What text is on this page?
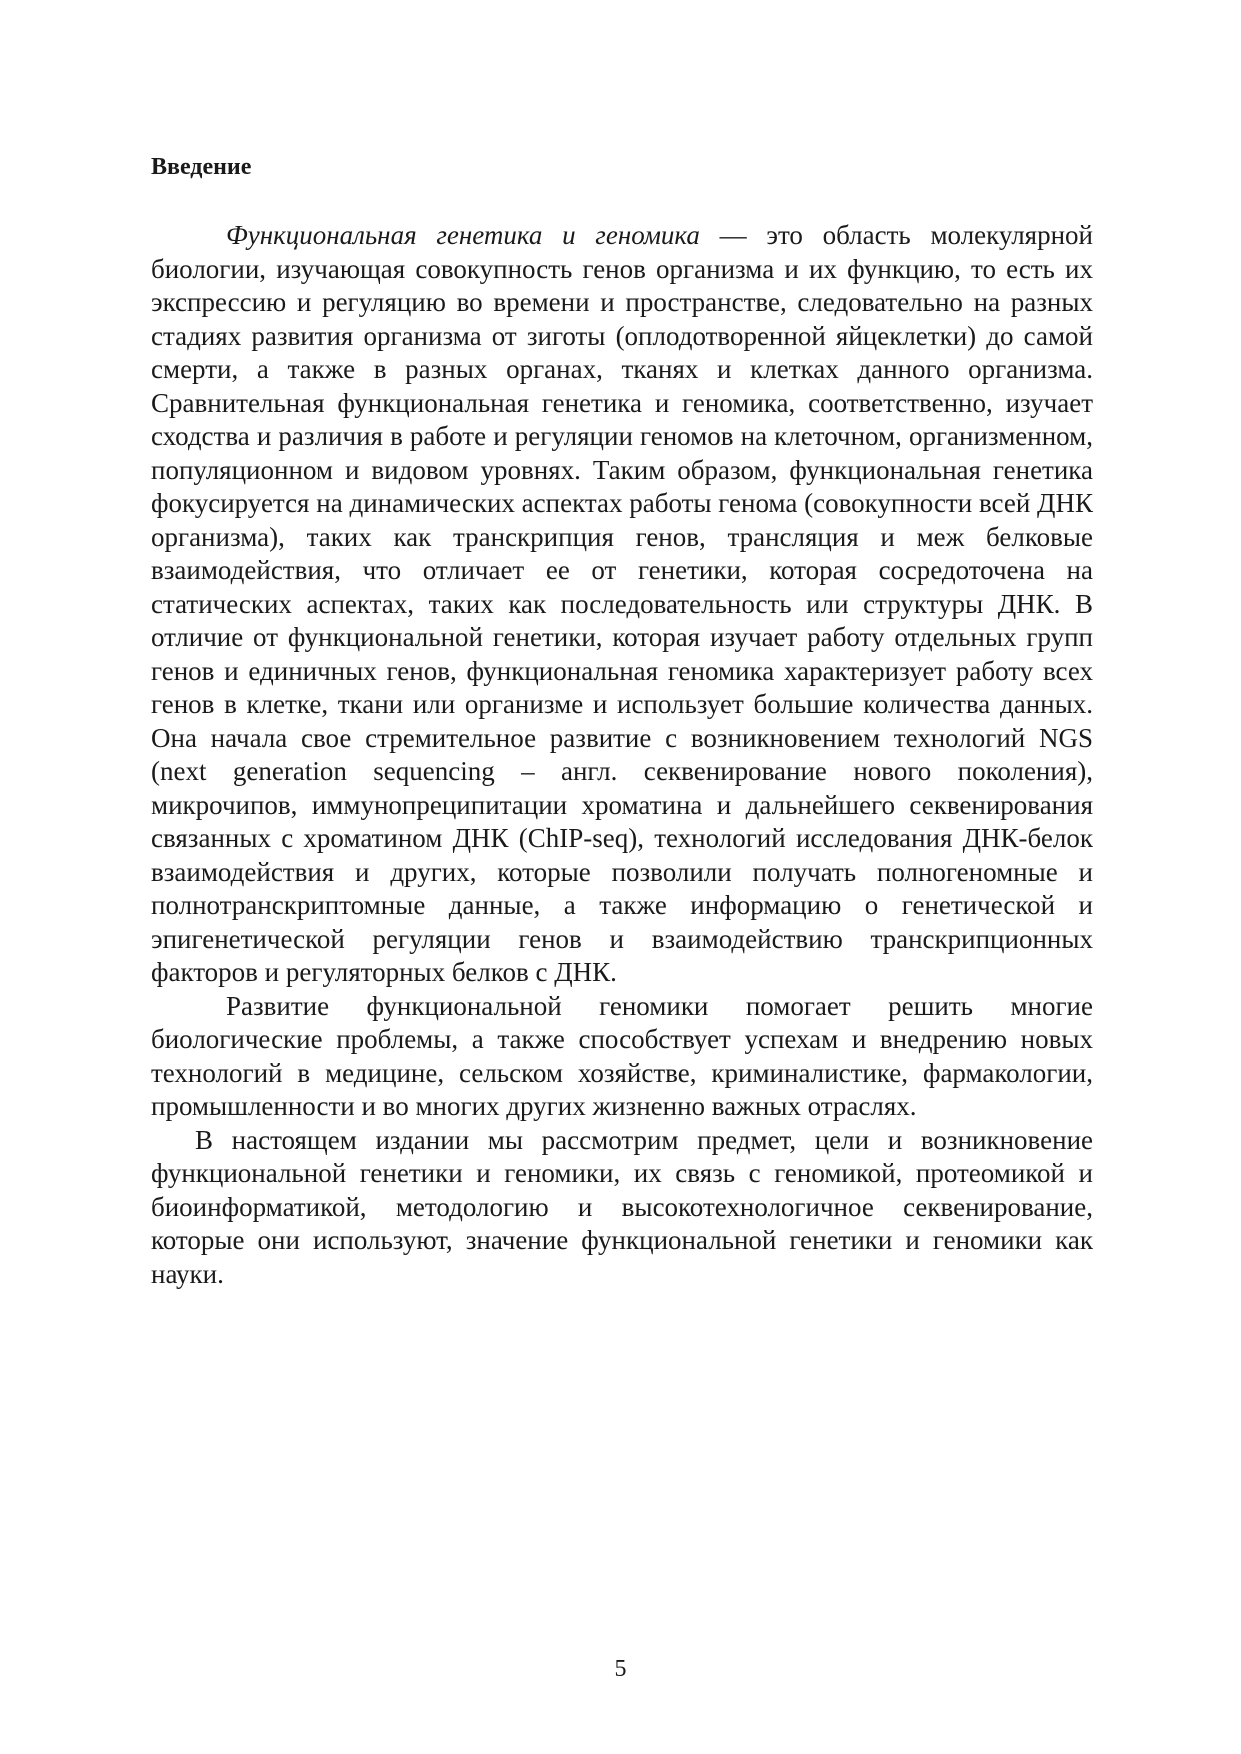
Введение

Функциональная генетика и геномика — это область молекулярной биологии, изучающая совокупность генов организма и их функцию, то есть их экспрессию и регуляцию во времени и пространстве, следовательно на разных стадиях развития организма от зиготы (оплодотворенной яйцеклетки) до самой смерти, а также в разных органах, тканях и клетках данного организма. Сравнительная функциональная генетика и геномика, соответственно, изучает сходства и различия в работе и регуляции геномов на клеточном, организменном, популяционном и видовом уровнях. Таким образом, функциональная генетика фокусируется на динамических аспектах работы генома (совокупности всей ДНК организма), таких как транскрипция генов, трансляция и меж белковые взаимодействия, что отличает ее от генетики, которая сосредоточена на статических аспектах, таких как последовательность или структуры ДНК. В отличие от функциональной генетики, которая изучает работу отдельных групп генов и единичных генов, функциональная геномика характеризует работу всех генов в клетке, ткани или организме и использует большие количества данных. Она начала свое стремительное развитие с возникновением технологий NGS (next generation sequencing – англ. секвенирование нового поколения), микрочипов, иммунопреципитации хроматина и дальнейшего секвенирования связанных с хроматином ДНК (ChIP-seq), технологий исследования ДНК-белок взаимодействия и других, которые позволили получать полногеномные и полнотранскриптомные данные, а также информацию о генетической и эпигенетической регуляции генов и взаимодействию транскрипционных факторов и регуляторных белков с ДНК.

Развитие функциональной геномики помогает решить многие биологические проблемы, а также способствует успехам и внедрению новых технологий в медицине, сельском хозяйстве, криминалистике, фармакологии, промышленности и во многих других жизненно важных отраслях.

В настоящем издании мы рассмотрим предмет, цели и возникновение функциональной генетики и геномики, их связь с геномикой, протеомикой и биоинформатикой, методологию и высокотехнологичное секвенирование, которые они используют, значение функциональной генетики и геномики как науки.

5
